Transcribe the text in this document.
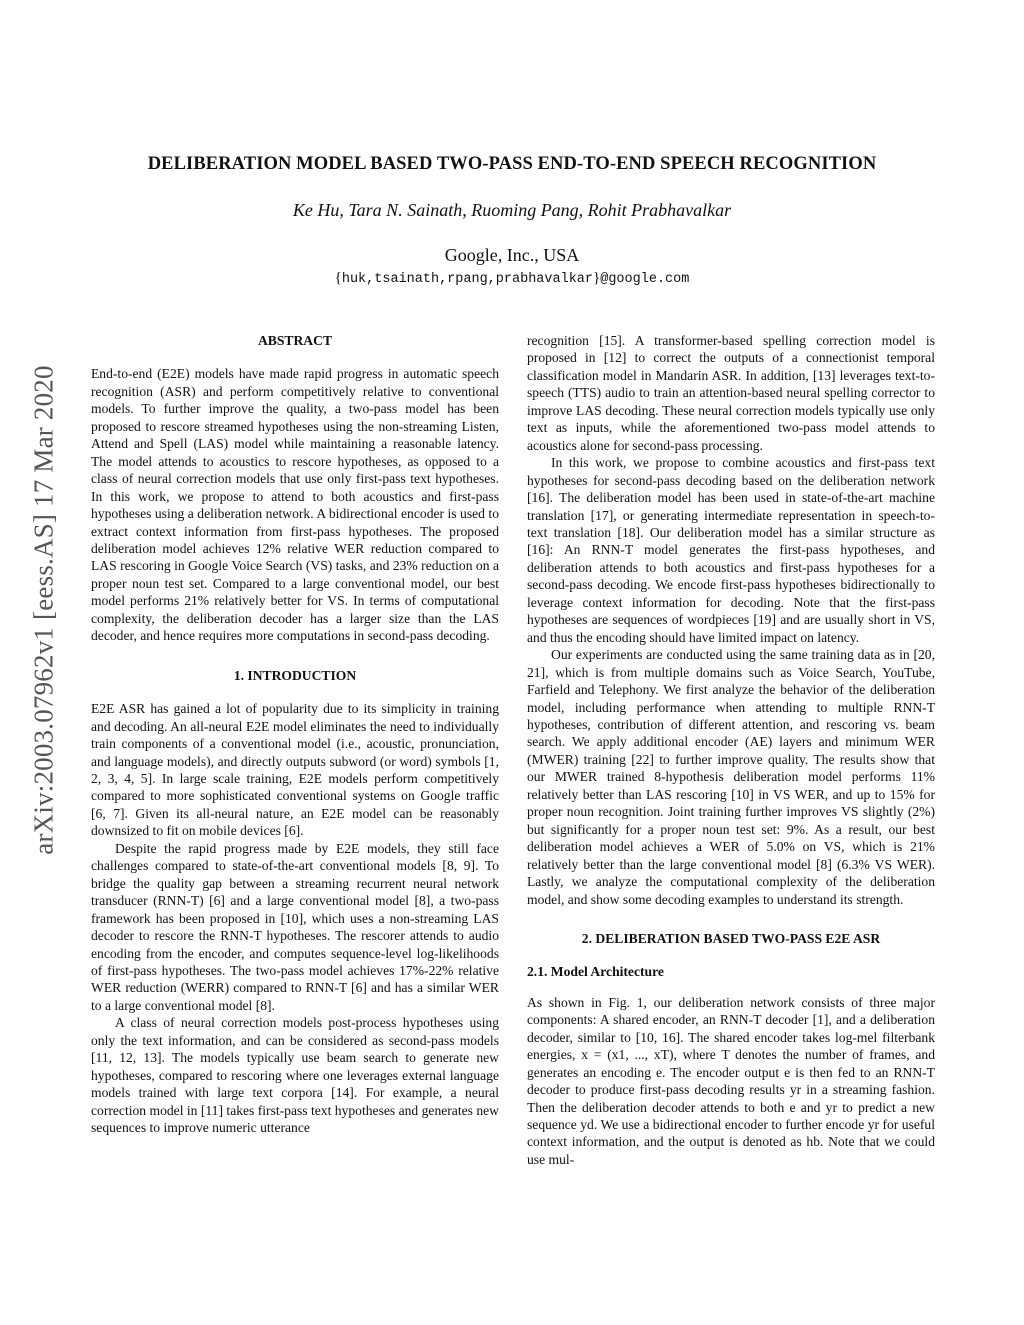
arXiv:2003.07962v1 [eess.AS] 17 Mar 2020
DELIBERATION MODEL BASED TWO-PASS END-TO-END SPEECH RECOGNITION
Ke Hu, Tara N. Sainath, Ruoming Pang, Rohit Prabhavalkar
Google, Inc., USA
{huk,tsainath,rpang,prabhavalkar}@google.com
ABSTRACT

End-to-end (E2E) models have made rapid progress in automatic speech recognition (ASR) and perform competitively relative to conventional models. To further improve the quality, a two-pass model has been proposed to rescore streamed hypotheses using the non-streaming Listen, Attend and Spell (LAS) model while maintaining a reasonable latency. The model attends to acoustics to rescore hypotheses, as opposed to a class of neural correction models that use only first-pass text hypotheses. In this work, we propose to attend to both acoustics and first-pass hypotheses using a deliberation network. A bidirectional encoder is used to extract context information from first-pass hypotheses. The proposed deliberation model achieves 12% relative WER reduction compared to LAS rescoring in Google Voice Search (VS) tasks, and 23% reduction on a proper noun test set. Compared to a large conventional model, our best model performs 21% relatively better for VS. In terms of computational complexity, the deliberation decoder has a larger size than the LAS decoder, and hence requires more computations in second-pass decoding.

1. INTRODUCTION

E2E ASR has gained a lot of popularity due to its simplicity in training and decoding. An all-neural E2E model eliminates the need to individually train components of a conventional model (i.e., acoustic, pronunciation, and language models), and directly outputs subword (or word) symbols [1, 2, 3, 4, 5]. In large scale training, E2E models perform competitively compared to more sophisticated conventional systems on Google traffic [6, 7]. Given its all-neural nature, an E2E model can be reasonably downsized to fit on mobile devices [6].

Despite the rapid progress made by E2E models, they still face challenges compared to state-of-the-art conventional models [8, 9]. To bridge the quality gap between a streaming recurrent neural network transducer (RNN-T) [6] and a large conventional model [8], a two-pass framework has been proposed in [10], which uses a non-streaming LAS decoder to rescore the RNN-T hypotheses. The rescorer attends to audio encoding from the encoder, and computes sequence-level log-likelihoods of first-pass hypotheses. The two-pass model achieves 17%-22% relative WER reduction (WERR) compared to RNN-T [6] and has a similar WER to a large conventional model [8].

A class of neural correction models post-process hypotheses using only the text information, and can be considered as second-pass models [11, 12, 13]. The models typically use beam search to generate new hypotheses, compared to rescoring where one leverages external language models trained with large text corpora [14]. For example, a neural correction model in [11] takes first-pass text hypotheses and generates new sequences to improve numeric utterance

recognition [15]. A transformer-based spelling correction model is proposed in [12] to correct the outputs of a connectionist temporal classification model in Mandarin ASR. In addition, [13] leverages text-to-speech (TTS) audio to train an attention-based neural spelling corrector to improve LAS decoding. These neural correction models typically use only text as inputs, while the aforementioned two-pass model attends to acoustics alone for second-pass processing.

In this work, we propose to combine acoustics and first-pass text hypotheses for second-pass decoding based on the deliberation network [16]. The deliberation model has been used in state-of-the-art machine translation [17], or generating intermediate representation in speech-to-text translation [18]. Our deliberation model has a similar structure as [16]: An RNN-T model generates the first-pass hypotheses, and deliberation attends to both acoustics and first-pass hypotheses for a second-pass decoding. We encode first-pass hypotheses bidirectionally to leverage context information for decoding. Note that the first-pass hypotheses are sequences of wordpieces [19] and are usually short in VS, and thus the encoding should have limited impact on latency.

Our experiments are conducted using the same training data as in [20, 21], which is from multiple domains such as Voice Search, YouTube, Farfield and Telephony. We first analyze the behavior of the deliberation model, including performance when attending to multiple RNN-T hypotheses, contribution of different attention, and rescoring vs. beam search. We apply additional encoder (AE) layers and minimum WER (MWER) training [22] to further improve quality. The results show that our MWER trained 8-hypothesis deliberation model performs 11% relatively better than LAS rescoring [10] in VS WER, and up to 15% for proper noun recognition. Joint training further improves VS slightly (2%) but significantly for a proper noun test set: 9%. As a result, our best deliberation model achieves a WER of 5.0% on VS, which is 21% relatively better than the large conventional model [8] (6.3% VS WER). Lastly, we analyze the computational complexity of the deliberation model, and show some decoding examples to understand its strength.

2. DELIBERATION BASED TWO-PASS E2E ASR
2.1. Model Architecture

As shown in Fig. 1, our deliberation network consists of three major components: A shared encoder, an RNN-T decoder [1], and a deliberation decoder, similar to [10, 16]. The shared encoder takes log-mel filterbank energies, x = (x1, ..., xT), where T denotes the number of frames, and generates an encoding e. The encoder output e is then fed to an RNN-T decoder to produce first-pass decoding results yr in a streaming fashion. Then the deliberation decoder attends to both e and yr to predict a new sequence yd. We use a bidirectional encoder to further encode yr for useful context information, and the output is denoted as hb. Note that we could use mul-
